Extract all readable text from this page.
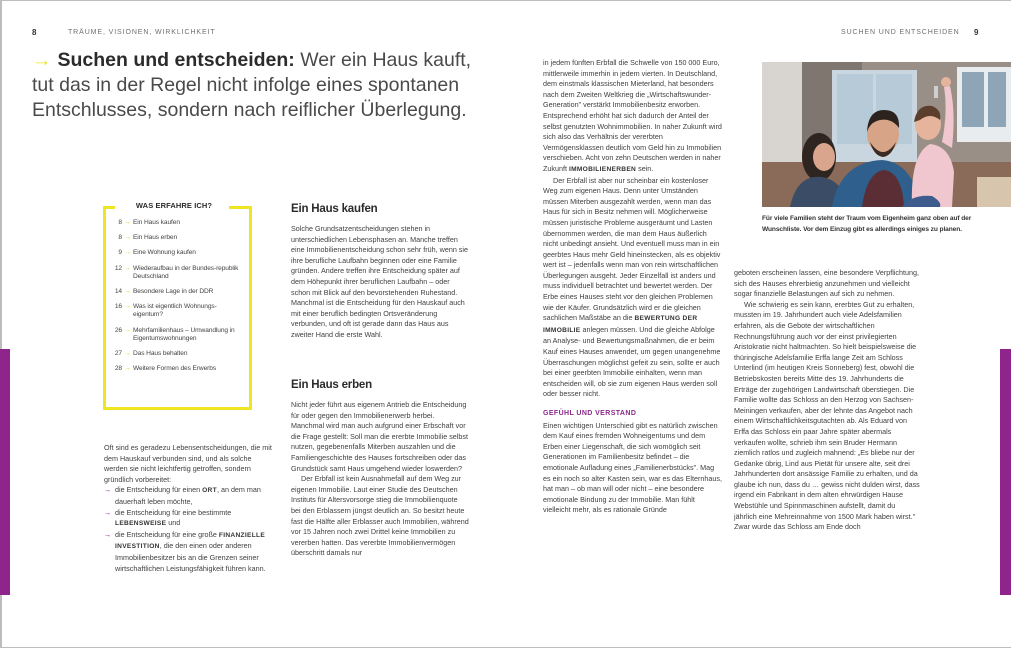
8	TRÄUME, VISIONEN, WIRKLICHKEIT
→ Suchen und entscheiden: Wer ein Haus kauft, tut das in der Regel nicht infolge eines spontanen Entschlusses, sondern nach reiflicher Überlegung.
WAS ERFAHRE ICH?
8 → Ein Haus kaufen
8 → Ein Haus erben
9 → Eine Wohnung kaufen
12 → Wiederaufbau in der Bundes-republik Deutschland
14 → Besondere Lage in der DDR
16 → Was ist eigentlich Wohnungs-eigentum?
26 → Mehrfamilienhaus – Umwandlung in Eigentumswohnungen
27 → Das Haus behalten
28 → Weitere Formen des Erwerbs

Oft sind es geradezu Lebensentscheidungen, die mit dem Hauskauf verbunden sind, und als solche werden sie nicht leichtfertig getroffen, sondern gründlich vorbereitet:

→ die Entscheidung für einen ORT, an dem man dauerhaft leben möchte,
→ die Entscheidung für eine bestimmte LEBENSWEISE und
→ die Entscheidung für eine große FINANZIELLE INVESTITION, die den einen oder anderen Immobilienbesitzer bis an die Grenzen seiner wirtschaftlichen Leistungsfähigkeit führen kann.
Ein Haus kaufen

Solche Grundsatzentscheidungen stehen in unterschiedlichen Lebensphasen an. Manche treffen eine Immobilienentscheidung schon sehr früh, wenn sie ihre berufliche Laufbahn beginnen oder eine Familie gründen. Andere treffen ihre Entscheidung später auf dem Höhepunkt ihrer beruflichen Laufbahn – oder schon mit Blick auf den bevorstehenden Ruhestand. Manchmal ist die Entscheidung für den Hauskauf auch mit einer beruflich bedingten Ortsveränderung verbunden, und oft ist gerade dann das Haus aus zweiter Hand die erste Wahl.

Ein Haus erben

Nicht jeder führt aus eigenem Antrieb die Entscheidung für oder gegen den Immobilienerwerb herbei. Manchmal wird man auch aufgrund einer Erbschaft vor die Frage gestellt: Soll man die ererbte Immobilie selbst nutzen, gegebenenfalls Miterben auszahlen und die Familiengeschichte des Hauses fortschreiben oder das Grundstück samt Haus umgehend wieder loswerden?

Der Erbfall ist kein Ausnahmefall auf dem Weg zur eigenen Immobilie. Laut einer Studie des Deutschen Instituts für Altersvorsorge stieg die Immobilienquote bei den Erblassern jüngst deutlich an. So besitzt heute fast die Hälfte aller Erblasser auch Immobilien, während vor 15 Jahren noch zwei Drittel keine Immobilien zu vererben hatten. Das vererbte Immobilienvermögen überschritt damals nur

SUCHEN UND ENTSCHEIDEN 9

in jedem fünften Erbfall die Schwelle von 150 000 Euro, mittlerweile immerhin in jedem vierten. In Deutschland, dem einstmals klassischen Mieterland, hat besonders nach dem Zweiten Weltkrieg die „Wirtschaftswunder-Generation" verstärkt Immobilienbesitz erworben. Entsprechend erhöht hat sich dadurch der Anteil der selbst genutzten Wohnimmobilien. In naher Zukunft wird sich also das Verhältnis der vererbten Vermögensklassen deutlich vom Geld hin zu Immobilien verschieben. Acht von zehn Deutschen werden in naher Zukunft IMMOBILIENERBEN sein.

Der Erbfall ist aber nur scheinbar ein kostenloser Weg zum eigenen Haus. Denn unter Umständen müssen Miterben ausgezahlt werden, wenn man das Haus für sich in Besitz nehmen will. Möglicherweise müssen juristische Probleme ausgeräumt und Lasten übernommen werden, die man dem Haus äußerlich nicht unbedingt ansieht. Und eventuell muss man in ein geerbtes Haus mehr Geld hineinstecken, als es objektiv wert ist – jedenfalls wenn man von rein wirtschaftlichen Überlegungen ausgeht. Jeder Einzelfall ist anders und muss individuell betrachtet und bewertet werden. Der Erbe eines Hauses steht vor den gleichen Problemen wie der Käufer. Grundsätzlich wird er die gleichen sachlichen Maßstäbe an die BEWERTUNG DER IMMOBILIE anlegen müssen. Und die gleiche Abfolge an Analyse- und Bewertungsmaßnahmen, die er beim Kauf eines Hauses anwendet, um gegen unangenehme Überraschungen möglichst gefeit zu sein, sollte er auch bei einer geerbten Immobilie einhalten, wenn man entscheiden will, ob sie zum eigenen Haus werden soll oder besser nicht.

GEFÜHL UND VERSTAND

Einen wichtigen Unterschied gibt es natürlich zwischen dem Kauf eines fremden Wohneigentums und dem Erben einer Liegenschaft, die sich womöglich seit Generationen im Familienbesitz befindet – die emotionale Aufladung eines „Familienerbstücks". Mag es ein noch so alter Kasten sein, war es das Elternhaus, hat man – ob man will oder nicht – eine besondere emotionale Bindung zu der Immobilie. Man fühlt vielleicht mehr, als es rationale Gründe

Für viele Familien steht der Traum vom Eigenheim ganz oben auf der Wunschliste. Vor dem Einzug gibt es allerdings einiges zu planen.

geboten erscheinen lassen, eine besondere Verpflichtung, sich des Hauses ehrerbietig anzunehmen und vielleicht sogar finanzielle Belastungen auf sich zu nehmen.

Wie schwierig es sein kann, ererbtes Gut zu erhalten, mussten im 19. Jahrhundert auch viele Adelsfamilien erfahren, als die Gebote der wirtschaftlichen Rechnungsführung auch vor der einst privilegierten Aristokratie nicht haltmachten. So hielt beispielsweise die thüringische Adelsfamilie Erffa lange Zeit am Schloss Unterlind (im heutigen Kreis Sonneberg) fest, obwohl die Betriebskosten bereits Mitte des 19. Jahrhunderts die Erträge der zugehörigen Landwirtschaft überstiegen. Die Familie wollte das Schloss an den Herzog von Sachsen-Meiningen verkaufen, aber der lehnte das Angebot nach einem Wirtschaftlichkeitsgutachten ab. Als Eduard von Erffa das Schloss ein paar Jahre später abermals verkaufen wollte, schrieb ihm sein Bruder Hermann ziemlich ratlos und zugleich mahnend: „Es bliebe nur der Gedanke übrig, Lind aus Pietät für unsere alte, seit drei Jahrhunderten dort ansässige Familie zu erhalten, und da glaube ich nun, dass du … gewiss nicht dulden wirst, dass irgend ein Fabrikant in dem alten ehrwürdigen Hause Webstühle und Spinnmaschinen aufstellt, damit du jährlich eine Mehreinnahme von 1500 Mark haben wirst." Zwar wurde das Schloss am Ende doch
